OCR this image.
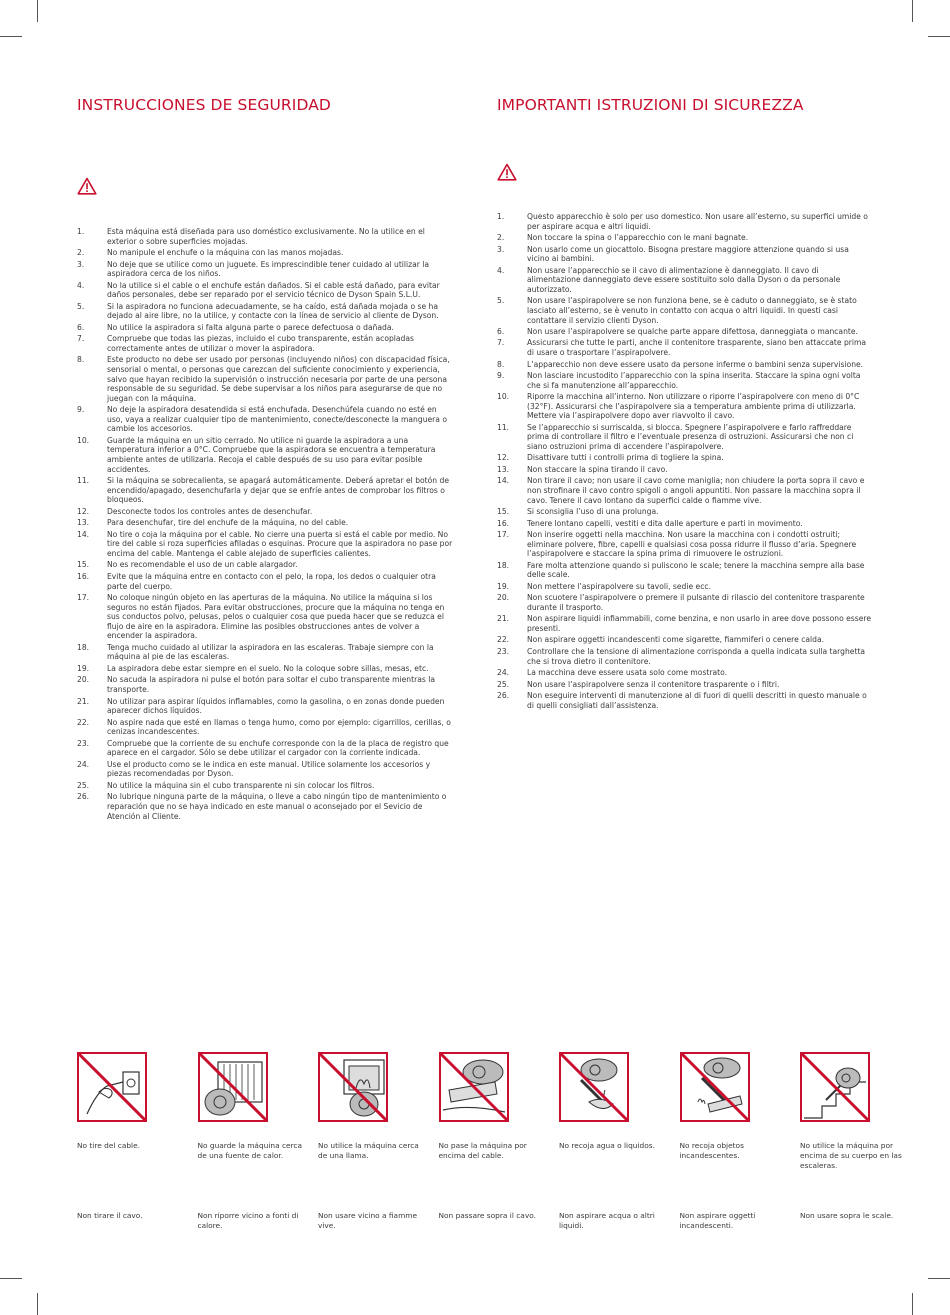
INSTRUCCIONES DE SEGURIDAD
1.	Esta máquina está diseñada para uso doméstico exclusivamente. No la utilice en el exterior o sobre superficies mojadas.
2.	No manipule el enchufe o la máquina con las manos mojadas.
3.	No deje que se utilice como un juguete. Es imprescindible tener cuidado al utilizar la aspiradora cerca de los niños.
4.	No la utilice si el cable o el enchufe están dañados. Si el cable está dañado, para evitar daños personales, debe ser reparado por el servicio técnico de Dyson Spain S.L.U.
5.	Si la aspiradora no funciona adecuadamente, se ha caído, está dañada mojada o se ha dejado al aire libre, no la utilice, y contacte con la línea de servicio al cliente de Dyson.
6.	No utilice la aspiradora si falta alguna parte o parece defectuosa o dañada.
7.	Compruebe que todas las piezas, incluido el cubo transparente, están acopladas correctamente antes de utilizar o mover la aspiradora.
8.	Este producto no debe ser usado por personas (incluyendo niños) con discapacidad física, sensorial o mental, o personas que carezcan del suficiente conocimiento y experiencia, salvo que hayan recibido la supervisión o instrucción necesaria por parte de una persona responsable de su seguridad. Se debe supervisar a los niños para asegurarse de que no juegan con la máquina.
9.	No deje la aspiradora desatendida si está enchufada. Desenchúfela cuando no esté en uso, vaya a realizar cualquier tipo de mantenimiento, conecte/desconecte la manguera o cambie los accesorios.
10.	Guarde la máquina en un sitio cerrado. No utilice ni guarde la aspiradora a una temperatura inferior a 0°C. Compruebe que la aspiradora se encuentra a temperatura ambiente antes de utilizarla. Recoja el cable después de su uso para evitar posible accidentes.
11.	Si la máquina se sobrecalienta, se apagará automáticamente. Deberá apretar el botón de encendido/apagado, desenchufarla y dejar que se enfríe antes de comprobar los filtros o bloqueos.
12.	Desconecte todos los controles antes de desenchufar.
13.	Para desenchufar, tire del enchufe de la máquina, no del cable.
14.	No tire o coja la máquina por el cable. No cierre una puerta si está el cable por medio. No tire del cable si roza superficies afiladas o esquinas. Procure que la aspiradora no pase por encima del cable. Mantenga el cable alejado de superficies calientes.
15.	No es recomendable el uso de un cable alargador.
16.	Evite que la máquina entre en contacto con el pelo, la ropa, los dedos o cualquier otra parte del cuerpo.
17.	No coloque ningún objeto en las aperturas de la máquina. No utilice la máquina si los seguros no están fijados. Para evitar obstrucciones, procure que la máquina no tenga en sus conductos polvo, pelusas, pelos o cualquier cosa que pueda hacer que se reduzca el flujo de aire en la aspiradora. Elimine las posibles obstrucciones antes de volver a encender la aspiradora.
18.	Tenga mucho cuidado al utilizar la aspiradora en las escaleras. Trabaje siempre con la máquina al pie de las escaleras.
19.	La aspiradora debe estar siempre en el suelo. No la coloque sobre sillas, mesas, etc.
20.	No sacuda la aspiradora ni pulse el botón para soltar el cubo transparente mientras la transporte.
21.	No utilizar para aspirar líquidos inflamables, como la gasolina, o en zonas donde pueden aparecer dichos líquidos.
22.	No aspire nada que esté en llamas o tenga humo, como por ejemplo: cigarrillos, cerillas, o cenizas incandescentes.
23.	Compruebe que la corriente de su enchufe corresponde con la de la placa de registro que aparece en el cargador. Sólo se debe utilizar el cargador con la corriente indicada.
24.	Use el producto como se le indica en este manual. Utilice solamente los accesorios y piezas recomendadas por Dyson.
25.	No utilice la máquina sin el cubo transparente ni sin colocar los filtros.
26.	No lubrique ninguna parte de la máquina, o lleve a cabo ningún tipo de mantenimiento o reparación que no se haya indicado en este manual o aconsejado por el Sevicio de Atención al Cliente.
IMPORTANTI ISTRUZIONI DI SICUREZZA
1.	Questo apparecchio è solo per uso domestico. Non usare all’esterno, su superfici umide o per aspirare acqua e altri liquidi.
2.	Non toccare la spina o l’apparecchio con le mani bagnate.
3.	Non usarlo come un giocattolo. Bisogna prestare maggiore attenzione quando si usa vicino ai bambini.
4.	Non usare l’apparecchio se il cavo di alimentazione è danneggiato. Il cavo di alimentazione danneggiato deve essere sostituito solo dalla Dyson o da personale autorizzato.
5.	Non usare l’aspirapolvere se non funziona bene, se è caduto o danneggiato, se è stato lasciato all’esterno, se è venuto in contatto con acqua o altri liquidi. In questi casi contattare il servizio clienti Dyson.
6.	Non usare l’aspirapolvere se qualche parte appare difettosa, danneggiata o mancante.
7.	Assicurarsi che tutte le parti, anche il contenitore trasparente, siano ben attaccate prima di usare o trasportare l’aspirapolvere.
8.	L’apparecchio non deve essere usato da persone inferme o bambini senza supervisione.
9.	Non lasciare incustodito l’apparecchio con la spina inserita. Staccare la spina ogni volta che si fa manutenzione all’apparecchio.
10.	Riporre la macchina all’interno. Non utilizzare o riporre l’aspirapolvere con meno di 0°C (32°F). Assicurarsi che l’aspirapolvere sia a temperatura ambiente prima di utilizzarla. Mettere via l’aspirapolvere dopo aver riavvolto il cavo.
11.	Se l’apparecchio si surriscalda, si blocca. Spegnere l’aspirapolvere e farlo raffreddare prima di controllare il filtro e l’eventuale presenza di ostruzioni. Assicurarsi che non ci siano ostruzioni prima di accendere l’aspirapolvere.
12.	Disattivare tutti i controlli prima di togliere la spina.
13.	Non staccare la spina tirando il cavo.
14.	Non tirare il cavo; non usare il cavo come maniglia; non chiudere la porta sopra il cavo e non strofinare il cavo contro spigoli o angoli appuntiti. Non passare la macchina sopra il cavo. Tenere il cavo lontano da superfici calde o fiamme vive.
15.	Si sconsiglia l’uso di una prolunga.
16.	Tenere lontano capelli, vestiti e dita dalle aperture e parti in movimento.
17.	Non inserire oggetti nella macchina. Non usare la macchina con i condotti ostruiti; eliminare polvere, fibre, capelli e qualsiasi cosa possa ridurre il flusso d’aria. Spegnere l’aspirapolvere e staccare la spina prima di rimuovere le ostruzioni.
18.	Fare molta attenzione quando si puliscono le scale; tenere la macchina sempre alla base delle scale.
19.	Non mettere l’aspirapolvere su tavoli, sedie ecc.
20.	Non scuotere l’aspirapolvere o premere il pulsante di rilascio del contenitore trasparente durante il trasporto.
21.	Non aspirare liquidi infiammabili, come benzina, e non usarlo in aree dove possono essere presenti.
22.	Non aspirare oggetti incandescenti come sigarette, fiammiferi o cenere calda.
23.	Controllare che la tensione di alimentazione corrisponda a quella indicata sulla targhetta che si trova dietro il contenitore.
24.	La macchina deve essere usata solo come mostrato.
25.	Non usare l’aspirapolvere senza il contenitore trasparente o i filtri.
26.	Non eseguire interventi di manutenzione al di fuori di quelli descritti in questo manuale o di quelli consigliati dall’assistenza.
No tire del cable.
Non tirare il cavo.
No guarde la máquina cerca de una fuente de calor.
Non riporre vicino a fonti di calore.
No utilice la máquina cerca de una llama.
Non usare vicino a fiamme vive.
No pase la máquina por encima del cable.
Non passare sopra il cavo.
No recoja agua o liquidos.
Non aspirare acqua o altri liquidi.
No recoja objetos incandescentes.
Non aspirare oggetti incandescenti.
No utilice la máquina por encima de su cuerpo en las escaleras.
Non usare sopra le scale.
